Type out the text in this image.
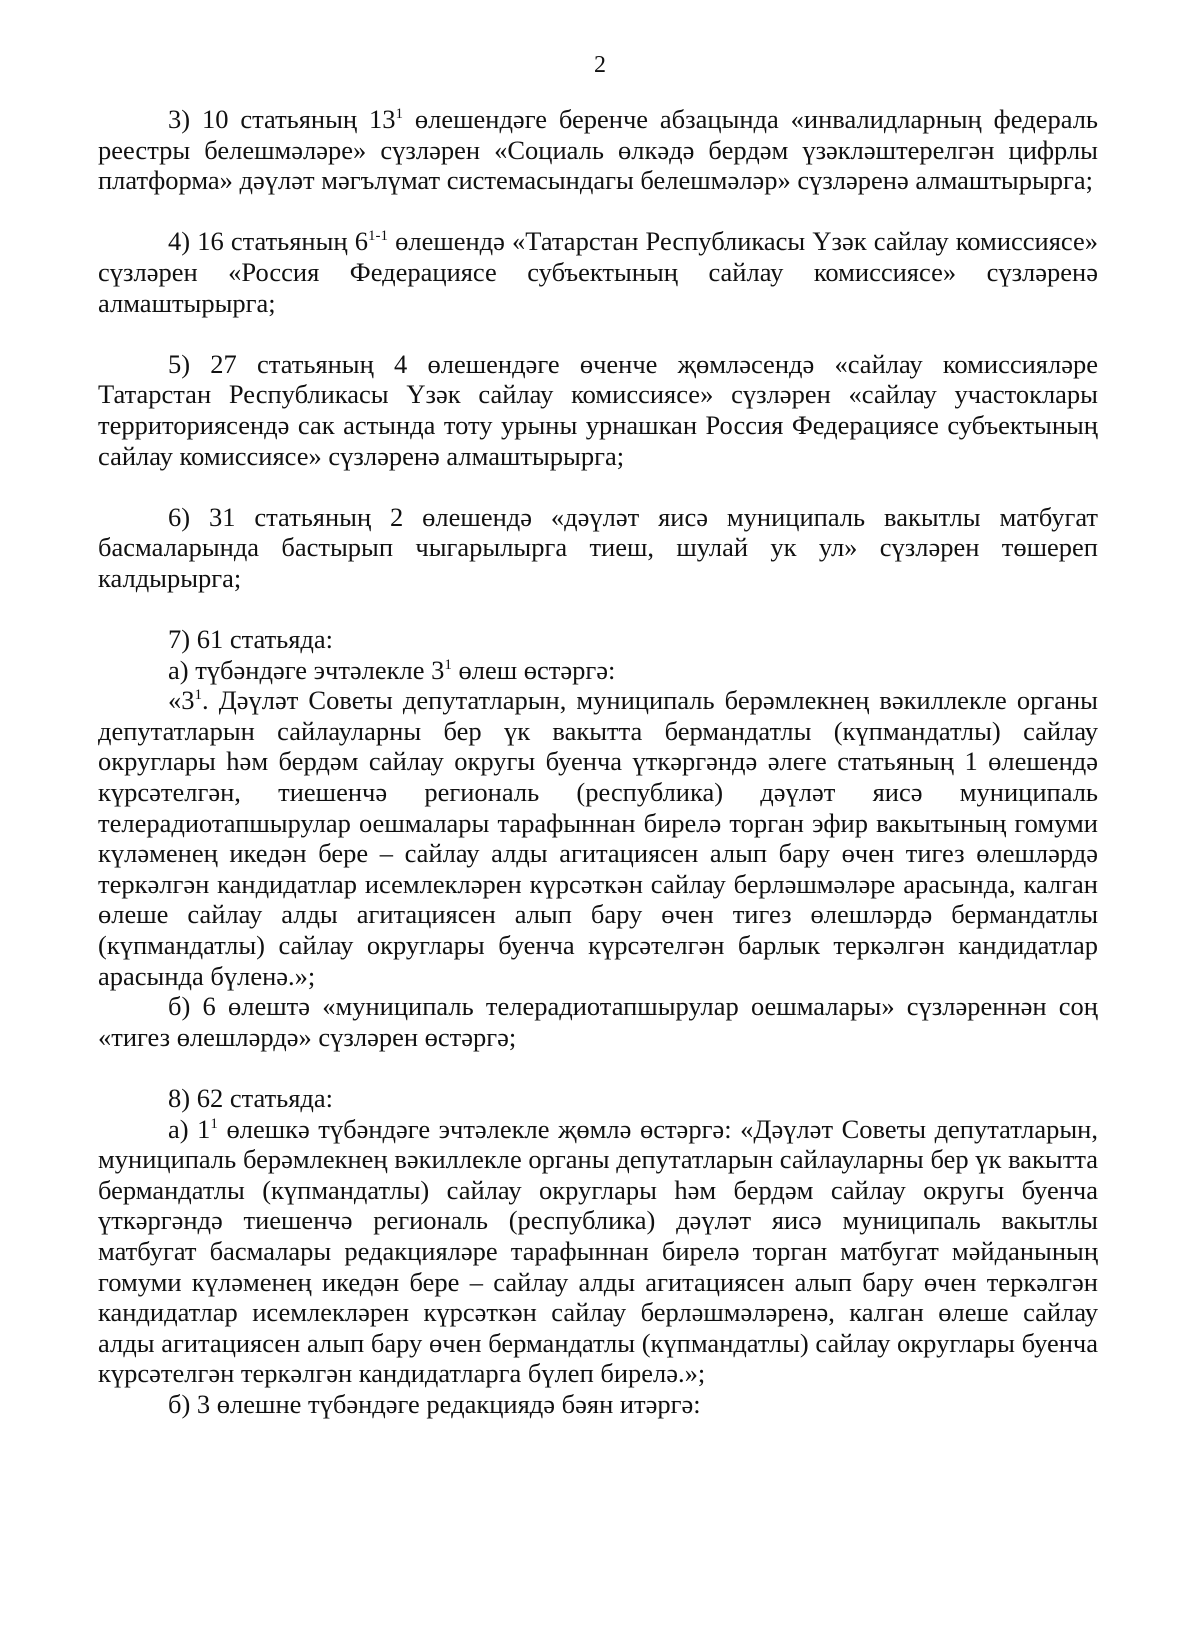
2

3) 10 статьяның $13^1$ өлешендәге беренче абзацында «инвалидларның федераль реестры белешмәләре» сүзләрен «Социаль өлкәдә бердәм үзәкләштерелгән цифрлы платформа» дәүләт мәгълүмат системасындагы белешмәләр» сүзләренә алмаштырырга;

4) 16 статьяның 6$^{1-1}$ өлешендә «Татарстан Республикасы Үзәк сайлау комиссиясе» сүзләрен «Россия Федерациясе субъектының сайлау комиссиясе» сүзләренә алмаштырырга;

5) 27 статьяның 4 өлешендәге өченче җөмләсендә «сайлау комиссияләре Татарстан Республикасы Үзәк сайлау комиссиясе» сүзләрен «сайлау участоклары территориясендә сак астында тоту урыны урнашкан Россия Федерациясе субъектының сайлау комиссиясе» сүзләренә алмаштырырга;

6) 31 статьяның 2 өлешендә «дәүләт яисә муниципаль вакытлы матбугат басмаларында бастырып чыгарылырга тиеш, шулай ук ул» сүзләрен төшереп калдырырга;

7) 61 статьяда:

а) түбәндәге эчтәлекле $3^1$ өлеш өстәргә:

«$3^1$. Дәүләт Советы депутатларын, муниципаль берәмлекнең вәкиллекле органы депутатларын сайлауларны бер үк вакытта бермандатлы (күпмандатлы) сайлау округлары һәм бердәм сайлау округы буенча үткәргәндә әлеге статьяның 1 өлешендә күрсәтелгән, тиешенчә региональ (республика) дәүләт яисә муниципаль телерадиотапшырулар оешмалары тарафыннан бирелә торган эфир вакытының гомуми күләменең икедән бере – сайлау алды агитациясен алып бару өчен тигез өлешләрдә теркәлгән кандидатлар исемлекләрен күрсәткән сайлау берләшмәләре арасында, калган өлеше сайлау алды агитациясен алып бару өчен тигез өлешләрдә бермандатлы (күпмандатлы) сайлау округлары буенча күрсәтелгән барлык теркәлгән кандидатлар арасында бүленә.»;

б) 6 өлештә «муниципаль телерадиотапшырулар оешмалары» сүзләреннән соң «тигез өлешләрдә» сүзләрен өстәргә;

8) 62 статьяда:

а) $1^1$ өлешкә түбәндәге эчтәлекле җөмлә өстәргә: «Дәүләт Советы депутатларын, муниципаль берәмлекнең вәкиллекле органы депутатларын сайлауларны бер үк вакытта бермандатлы (күпмандатлы) сайлау округлары һәм бердәм сайлау округы буенча үткәргәндә тиешенчә региональ (республика) дәүләт яисә муниципаль вакытлы матбугат басмалары редакцияләре тарафыннан бирелә торган матбугат мәйданының гомуми күләменең икедән бере – сайлау алды агитациясен алып бару өчен теркәлгән кандидатлар исемлекләрен күрсәткән сайлау берләшмәләренә, калган өлеше сайлау алды агитациясен алып бару өчен бермандатлы (күпмандатлы) сайлау округлары буенча күрсәтелгән теркәлгән кандидатларга бүлеп бирелә.»;

б) 3 өлешне түбәндәге редакциядә бәян итәргә:
